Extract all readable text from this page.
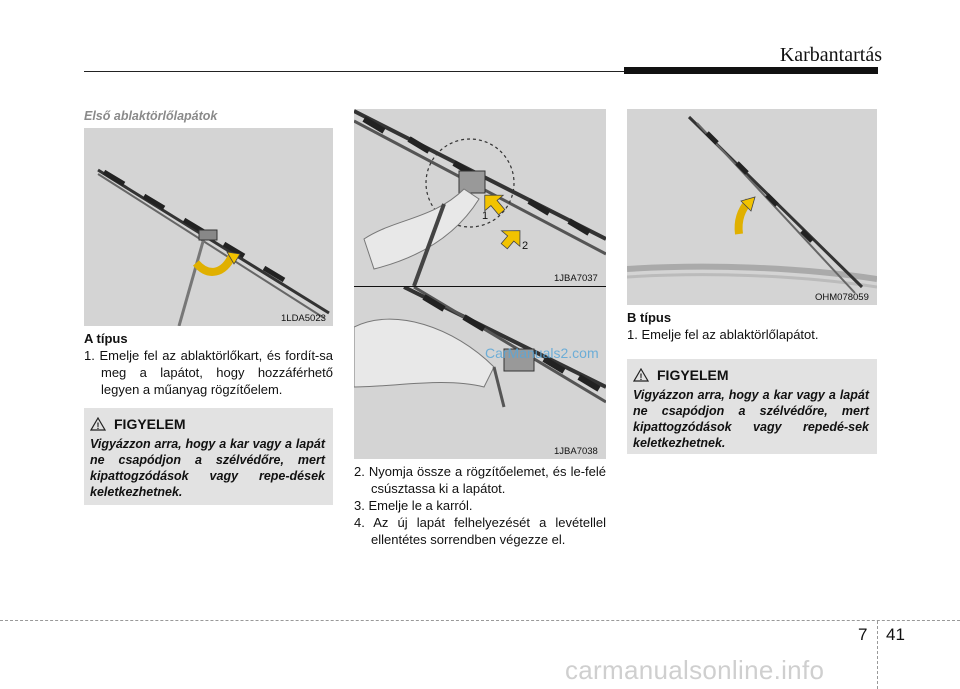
Karbantartás
Első ablaktörlőlapátok
1LDA5023
A típus
1. Emelje fel az ablaktörlőkart, és fordít-sa meg a lapátot, hogy hozzáférhető legyen a műanyag rögzítőelem.
! FIGYELEM
Vigyázzon arra, hogy a kar vagy a lapát ne csapódjon a szélvédőre, mert kipattogzódások vagy repe-dések keletkezhetnek.
1
2
1JBA7037
1JBA7038
CarManuals2.com
2. Nyomja össze a rögzítőelemet, és le-felé csúsztassa ki a lapátot.
3. Emelje le a karról.
4. Az új lapát felhelyezését a levétellel ellentétes sorrendben végezze el.
OHM078059
B típus
1. Emelje fel az ablaktörlőlapátot.
! FIGYELEM
Vigyázzon arra, hogy a kar vagy a lapát ne csapódjon a szélvédőre, mert kipattogzódások vagy repedé-sek keletkezhetnek.
7 41
carmanualsonline.info
